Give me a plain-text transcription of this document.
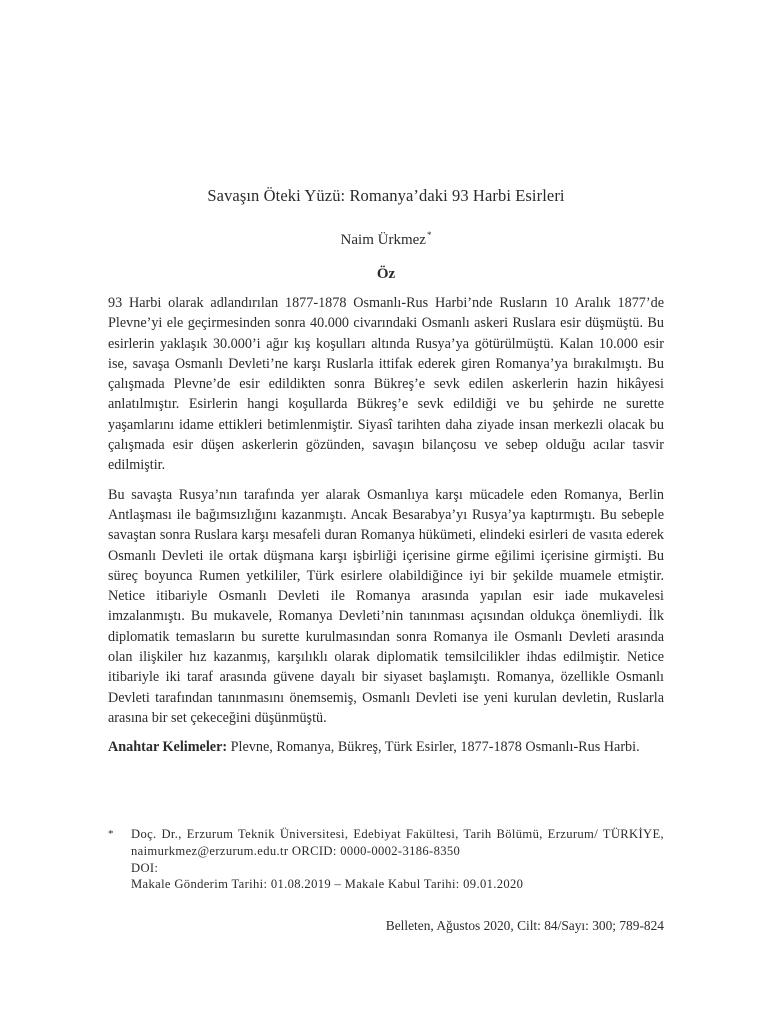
Savaşın Öteki Yüzü: Romanya’daki 93 Harbi Esirleri
Naim Ürkmez*
Öz

93 Harbi olarak adlandırılan 1877-1878 Osmanlı-Rus Harbi’nde Rusların 10 Aralık 1877’de Plevne’yi ele geçirmesinden sonra 40.000 civarındaki Osmanlı askeri Ruslara esir düşmüştü. Bu esirlerin yaklaşık 30.000’i ağır kış koşulları altında Rusya’ya götürülmüştü. Kalan 10.000 esir ise, savaşa Osmanlı Devleti’ne karşı Ruslarla ittifak ederek giren Romanya’ya bırakılmıştı. Bu çalışmada Plevne’de esir edildikten sonra Bükreş’e sevk edilen askerlerin hazin hikâyesi anlatılmıştır. Esirlerin hangi koşullarda Bükreş’e sevk edildiği ve bu şehirde ne surette yaşamlarını idame ettikleri betimlenmiştir. Siyasî tarihten daha ziyade insan merkezli olacak bu çalışmada esir düşen askerlerin gözünden, savaşın bilançosu ve sebep olduğu acılar tasvir edilmiştir.

Bu savaşta Rusya’nın tarafında yer alarak Osmanlıya karşı mücadele eden Romanya, Berlin Antlaşması ile bağımsızlığını kazanmıştı. Ancak Besarabya’yı Rusya’ya kaptırmıştı. Bu sebeple savaştan sonra Ruslara karşı mesafeli duran Romanya hükümeti, elindeki esirleri de vasıta ederek Osmanlı Devleti ile ortak düşmana karşı işbirliği içerisine girme eğilimi içerisine girmişti. Bu süreç boyunca Rumen yetkililer, Türk esirlere olabildiğince iyi bir şekilde muamele etmiştir. Netice itibariyle Osmanlı Devleti ile Romanya arasında yapılan esir iade mukavelesi imzalanmıştı. Bu mukavele, Romanya Devleti’nin tanınması açısından oldukça önemliydi. İlk diplomatik temasların bu surette kurulmasından sonra Romanya ile Osmanlı Devleti arasında olan ilişkiler hız kazanmış, karşılıklı olarak diplomatik temsilcilikler ihdas edilmiştir. Netice itibariyle iki taraf arasında güvene dayalı bir siyaset başlamıştı. Romanya, özellikle Osmanlı Devleti tarafından tanınmasını önemsemiş, Osmanlı Devleti ise yeni kurulan devletin, Ruslarla arasına bir set çekeceğini düşünmüştü.

Anahtar Kelimeler: Plevne, Romanya, Bükreş, Türk Esirler, 1877-1878 Osmanlı-Rus Harbi.

* Doç. Dr., Erzurum Teknik Üniversitesi, Edebiyat Fakültesi, Tarih Bölümü, Erzurum/ TÜRKİYE, naimurkmez@erzurum.edu.tr ORCID: 0000-0002-3186-8350
DOI:
Makale Gönderim Tarihi: 01.08.2019 – Makale Kabul Tarihi: 09.01.2020
Belleten, Ağustos 2020, Cilt: 84/Sayı: 300; 789-824
